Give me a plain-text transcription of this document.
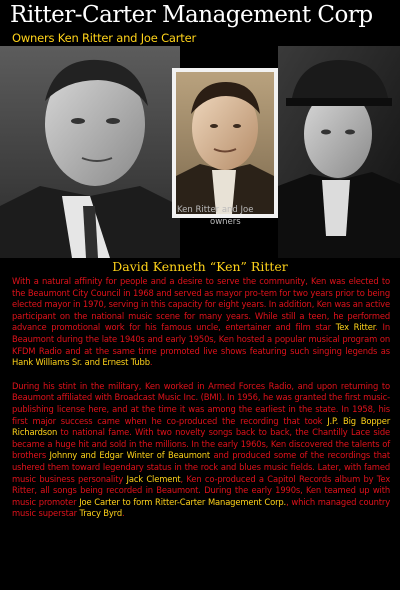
Ritter-Carter Management Corp
Owners Ken Ritter and Joe Carter
Ken Ritter and Joe
owners
David Kenneth “Ken” Ritter

With a natural affinity for people and a desire to serve the community, Ken was elected to the Beaumont City Council in 1968 and served as mayor pro-tem for two years prior to being elected mayor in 1970, serving in this capacity for eight years. In addition, Ken was an active participant on the national music scene for many years. While still a teen, he performed advance promotional work for his famous uncle, entertainer and film star Tex Ritter. In Beaumont during the late 1940s and early 1950s, Ken hosted a popular musical program on KFDM Radio and at the same time promoted live shows featuring such singing legends as Hank Williams Sr. and Ernest Tubb.

During his stint in the military, Ken worked in Armed Forces Radio, and upon returning to Beaumont affiliated with Broadcast Music Inc. (BMI). In 1956, he was granted the first music-publishing license here, and at the time it was among the earliest in the state. In 1958, his first major success came when he co-produced the recording that took J.P. Big Bopper Richardson to national fame. With two novelty songs back to back, the Chantilly Lace side became a huge hit and sold in the millions. In the early 1960s, Ken discovered the talents of brothers Johnny and Edgar Winter of Beaumont and produced some of the recordings that ushered them toward legendary status in the rock and blues music fields. Later, with famed music business personality Jack Clement, Ken co-produced a Capitol Records album by Tex Ritter, all songs being recorded in Beaumont. During the early 1990s, Ken teamed up with music promoter Joe Carter to form Ritter-Carter Management Corp., which managed country music superstar Tracy Byrd.
